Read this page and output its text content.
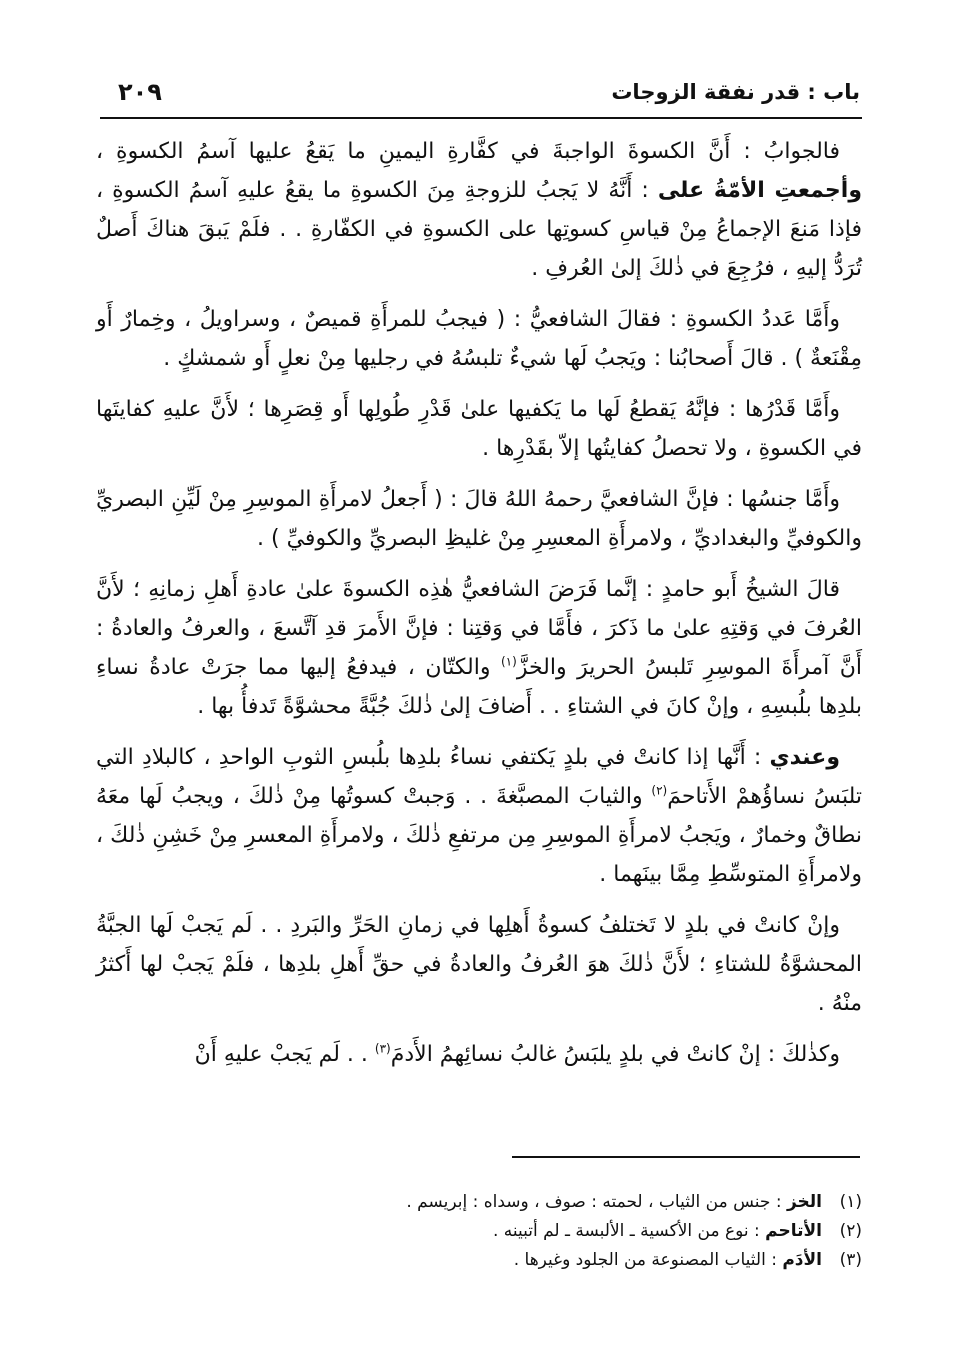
باب : قدر نفقة الزوجات
٢٠٩

فالجوابُ : أَنَّ الكسوةَ الواجبةَ في كفَّارةِ اليمينِ ما يَقعُ عليها آسمُ الكسوةِ ، وأجمعتِ الأمّةُ على : أَنَّهُ لا يَجبُ للزوجةِ مِنَ الكسوةِ ما يقعُ عليهِ آسمُ الكسوةِ ، فإذا مَنعَ الإجماعُ مِنْ قياسِ كسوتِها على الكسوةِ في الكفّارةِ . . فلَمْ يَبقَ هناكَ أَصلٌ تُرَدُّ إليهِ ، فرُجِعَ في ذٰلكَ إلىٰ العُرفِ .

وأَمَّا عَددُ الكسوةِ : فقالَ الشافعيُّ : ( فيجبُ للمرأَةِ قميصٌ ، وسراويلُ ، وخِمارٌ أَو مِقْنَعةٌ ) . قالَ أَصحابُنا : ويَجبُ لَها شيءٌ تلبسُهُ في رجليها مِنْ نعلٍ أَو شمشكٍ .

وأَمَّا قَدْرُها : فإنَّهُ يَقطعُ لَها ما يَكفيها علىٰ قَدْرِ طُولِها أَو قِصَرِها ؛ لأَنَّ عليهِ كفايتَها في الكسوةِ ، ولا تحصلُ كفايتُها إلاّ بقَدْرِها .

وأَمَّا جنسُها : فإنَّ الشافعيَّ رحمهُ اللهُ قالَ : ( أَجعلُ لامرأَةِ الموسِرِ مِنْ لَيِّنِ البصريِّ والكوفيِّ والبغداديِّ ، ولامرأَةِ المعسِرِ مِنْ غليظِ البصريِّ والكوفيِّ ) .

قالَ الشيخُ أَبو حامدٍ : إنَّما فَرَضَ الشافعيُّ هٰذِه الكسوةَ علىٰ عادةِ أَهلِ زمانِهِ ؛ لأَنَّ العُرفَ في وَقتِهِ علىٰ ما ذَكرَ ، فأَمَّا في وَقتِنا : فإنَّ الأَمرَ قدِ آتَّسعَ ، والعرفُ والعادةُ : أَنَّ آمرأَةَ الموسِرِ تَلبسُ الحريرَ والخزَّ$^{(١)}$ والكتّان ، فيدفعُ إليها مما جرَتْ عادةُ نساءِ بلدِها بلُبسِهِ ، وإنْ كانَ في الشتاءِ . . أَضافَ إلىٰ ذٰلكَ جُبَّةً محشوَّةً تَدفأُ بها .

وعندي : أَنَّها إذا كانتْ في بلدٍ يَكتفي نساءُ بلدِها بلُبسِ الثوبِ الواحدِ ، كالبلادِ التي تلبَسُ نساؤُهمْ الأَتاحمَ$^{(٢)}$ والثيابَ المصبَّغةَ . . وَجبتْ كسوتُها مِنْ ذٰلكَ ، ويجبُ لَها معَهُ نطاقٌ وخمارٌ ، ويَجبُ لامرأَةِ الموسِرِ مِن مرتفعِ ذٰلكَ ، ولامرأَةِ المعسرِ مِنْ خَشِنِ ذٰلكَ ، ولامرأَةِ المتوسِّطِ مِمَّا بينَهما .

وإنْ كانتْ في بلدٍ لا تَختلفُ كسوةُ أَهلِها في زمانِ الحَرِّ والبَردِ . . لَم يَجبْ لَها الجبَّةُ المحشوَّةُ للشتاءِ ؛ لأَنَّ ذٰلكَ هوَ العُرفُ والعادةُ في حقِّ أَهلِ بلدِها ، فلَمْ يَجبْ لها أَكثرُ منْهُ .

وكذٰلكَ : إنْ كانتْ في بلدٍ يلبَسُ غالبُ نسائِهمُ الأَدمَ$^{(٣)}$ . . لَم يَجبْ عليهِ أَنْ

(١)الخز : جنس من الثياب ، لحمته : صوف ، وسداه : إبريسم .
(٢)الأتاحم : نوع من الأكسية ـ الألبسة ـ لم أتبينه .
(٣)الأدَم : الثياب المصنوعة من الجلود وغيرها .
